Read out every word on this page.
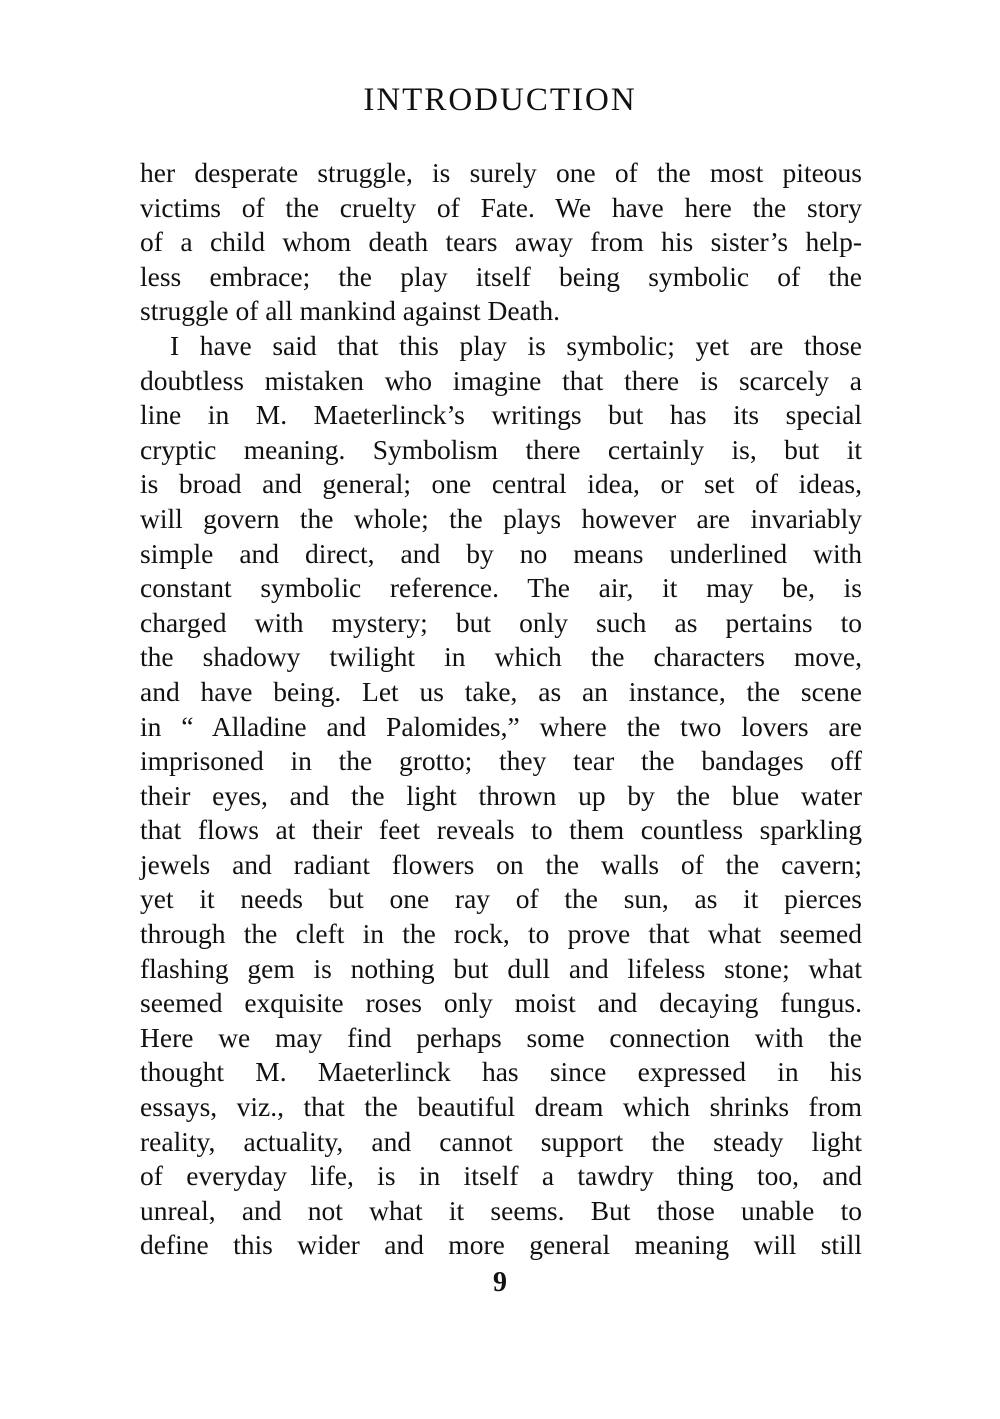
INTRODUCTION

her desperate struggle, is surely one of the most piteous

victims of the cruelty of Fate. We have here the story

of a child whom death tears away from his sister’s help-

less embrace; the play itself being symbolic of the

struggle of all mankind against Death.

I have said that this play is symbolic; yet are those

doubtless mistaken who imagine that there is scarcely a

line in M. Maeterlinck’s writings but has its special

cryptic meaning. Symbolism there certainly is, but it

is broad and general; one central idea, or set of ideas,

will govern the whole; the plays however are invariably

simple and direct, and by no means underlined with

constant symbolic reference. The air, it may be, is

charged with mystery; but only such as pertains to

the shadowy twilight in which the characters move,

and have being. Let us take, as an instance, the scene

in “ Alladine and Palomides,” where the two lovers are

imprisoned in the grotto; they tear the bandages off

their eyes, and the light thrown up by the blue water

that flows at their feet reveals to them countless sparkling

jewels and radiant flowers on the walls of the cavern;

yet it needs but one ray of the sun, as it pierces

through the cleft in the rock, to prove that what seemed

flashing gem is nothing but dull and lifeless stone; what

seemed exquisite roses only moist and decaying fungus.

Here we may find perhaps some connection with the

thought M. Maeterlinck has since expressed in his

essays, viz., that the beautiful dream which shrinks from

reality, actuality, and cannot support the steady light

of everyday life, is in itself a tawdry thing too, and

unreal, and not what it seems. But those unable to

define this wider and more general meaning will still

9
